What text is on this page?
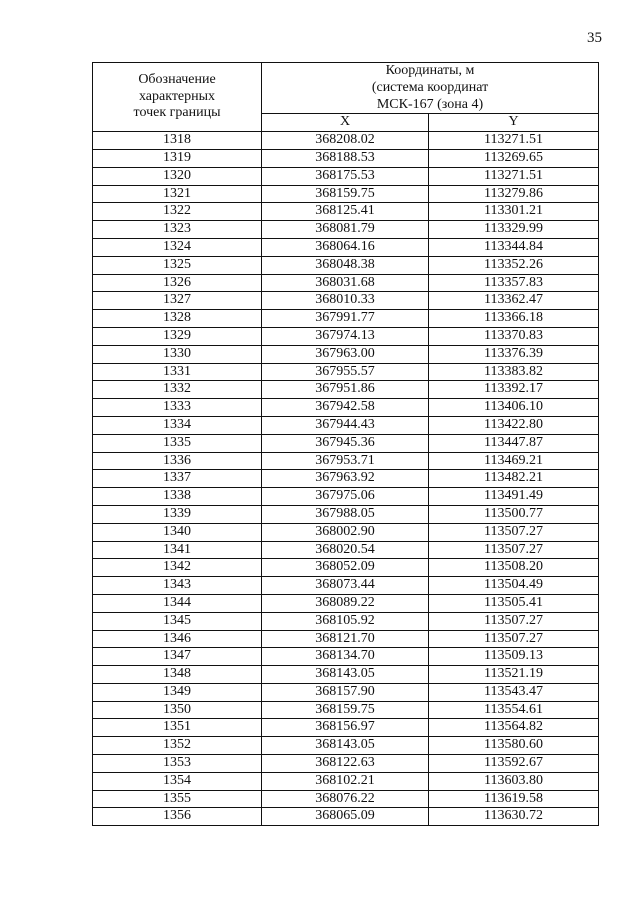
35
Обозначение
характерных
точек границы	Координаты, м
(система координат
МСК-167 (зона 4)	

	X	Y
1318	368208.02	113271.51
1319	368188.53	113269.65
1320	368175.53	113271.51
1321	368159.75	113279.86
1322	368125.41	113301.21
1323	368081.79	113329.99
1324	368064.16	113344.84
1325	368048.38	113352.26
1326	368031.68	113357.83
1327	368010.33	113362.47
1328	367991.77	113366.18
1329	367974.13	113370.83
1330	367963.00	113376.39
1331	367955.57	113383.82
1332	367951.86	113392.17
1333	367942.58	113406.10
1334	367944.43	113422.80
1335	367945.36	113447.87
1336	367953.71	113469.21
1337	367963.92	113482.21
1338	367975.06	113491.49
1339	367988.05	113500.77
1340	368002.90	113507.27
1341	368020.54	113507.27
1342	368052.09	113508.20
1343	368073.44	113504.49
1344	368089.22	113505.41
1345	368105.92	113507.27
1346	368121.70	113507.27
1347	368134.70	113509.13
1348	368143.05	113521.19
1349	368157.90	113543.47
1350	368159.75	113554.61
1351	368156.97	113564.82
1352	368143.05	113580.60
1353	368122.63	113592.67
1354	368102.21	113603.80
1355	368076.22	113619.58
1356	368065.09	113630.72
